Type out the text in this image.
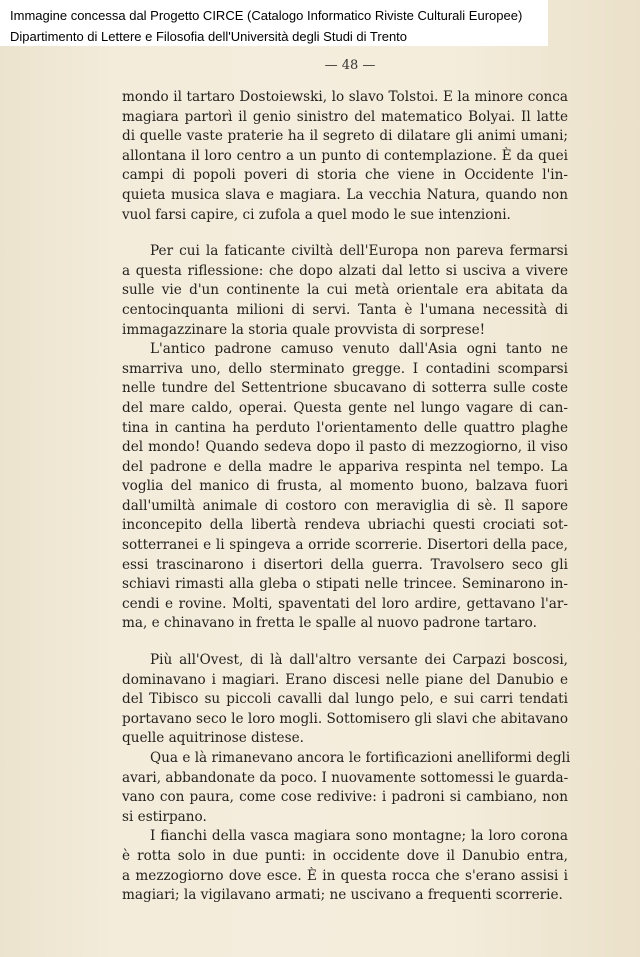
Immagine concessa dal Progetto CIRCE (Catalogo Informatico Riviste Culturali Europee)
Dipartimento di Lettere e Filosofia dell'Università degli Studi di Trento
— 48 —
mondo il tartaro Dostoiewski, lo slavo Tolstoi. E la minore conca
magiara partorì il genio sinistro del matematico Bolyai. Il latte
di quelle vaste praterie ha il segreto di dilatare gli animi umani;
allontana il loro centro a un punto di contemplazione. È da quei
campi di popoli poveri di storia che viene in Occidente l'in-
quieta musica slava e magiara. La vecchia Natura, quando non
vuol farsi capire, ci zufola a quel modo le sue intenzioni.
Per cui la faticante civiltà dell'Europa non pareva fermarsi
a questa riflessione: che dopo alzati dal letto si usciva a vivere
sulle vie d'un continente la cui metà orientale era abitata da
centocinquanta milioni di servi. Tanta è l'umana necessità di
immagazzinare la storia quale provvista di sorprese!
L'antico padrone camuso venuto dall'Asia ogni tanto ne
smarriva uno, dello sterminato gregge. I contadini scomparsi
nelle tundre del Settentrione sbucavano di sotterra sulle coste
del mare caldo, operai. Questa gente nel lungo vagare di can-
tina in cantina ha perduto l'orientamento delle quattro plaghe
del mondo! Quando sedeva dopo il pasto di mezzogiorno, il viso
del padrone e della madre le appariva respinta nel tempo. La
voglia del manico di frusta, al momento buono, balzava fuori
dall'umiltà animale di costoro con meraviglia di sè. Il sapore
inconcepito della libertà rendeva ubriachi questi crociati sot-
sotterranei e li spingeva a orride scorrerie. Disertori della pace,
essi trascinarono i disertori della guerra. Travolsero seco gli
schiavi rimasti alla gleba o stipati nelle trincee. Seminarono in-
cendi e rovine. Molti, spaventati del loro ardire, gettavano l'ar-
ma, e chinavano in fretta le spalle al nuovo padrone tartaro.
Più all'Ovest, di là dall'altro versante dei Carpazi boscosi,
dominavano i magiari. Erano discesi nelle piane del Danubio e
del Tibisco su piccoli cavalli dal lungo pelo, e sui carri tendati
portavano seco le loro mogli. Sottomisero gli slavi che abitavano
quelle aquitrinose distese.
Qua e là rimanevano ancora le fortificazioni anelliformi degli
avari, abbandonate da poco. I nuovamente sottomessi le guarda-
vano con paura, come cose redivive: i padroni si cambiano, non
si estirpano.
I fianchi della vasca magiara sono montagne; la loro corona
è rotta solo in due punti: in occidente dove il Danubio entra,
a mezzogiorno dove esce. È in questa rocca che s'erano assisi i
magiari; la vigilavano armati; ne uscivano a frequenti scorrerie.
